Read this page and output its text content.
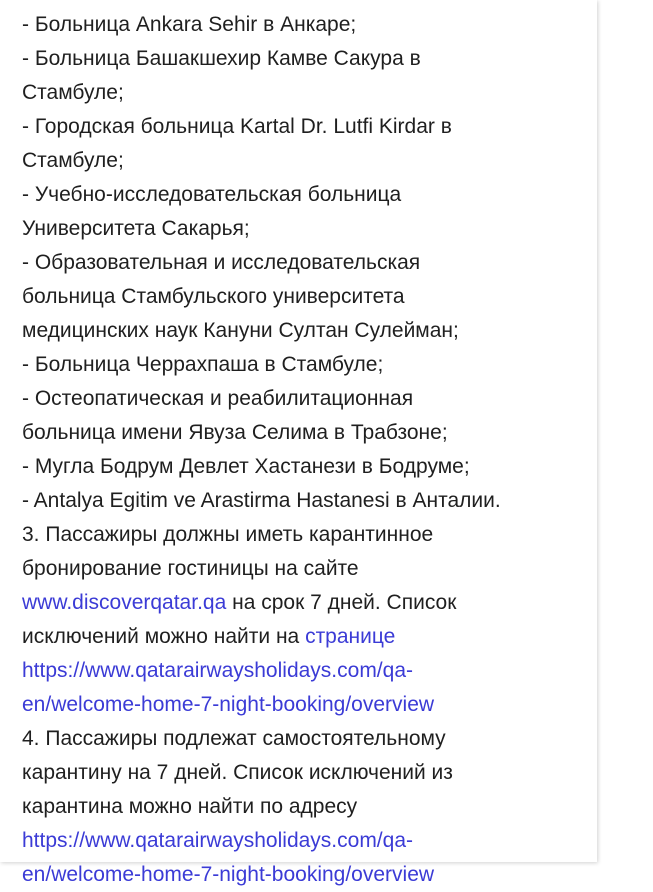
- Больница Ankara Sehir в Анкаре;
- Больница Башакшехир Камве Сакура в
Стамбуле;
- Городская больница Kartal Dr. Lutfi Kirdar в
Стамбуле;
- Учебно-исследовательская больница
Университета Сакарья;
- Образовательная и исследовательская
больница Стамбульского университета
медицинских наук Кануни Султан Сулейман;
- Больница Черрахпаша в Стамбуле;
- Остеопатическая и реабилитационная
больница имени Явуза Селима в Трабзоне;
- Мугла Бодрум Девлет Хастанези в Бодруме;
- Antalya Egitim ve Arastirma Hastanesi в Анталии.
3. Пассажиры должны иметь карантинное
бронирование гостиницы на сайте
www.discoverqatar.qa на срок 7 дней. Список
исключений можно найти на странице
https://www.qatarairwaysholidays.com/qa-
en/welcome-home-7-night-booking/overview
4. Пассажиры подлежат самостоятельному
карантину на 7 дней. Список исключений из
карантина можно найти по адресу
https://www.qatarairwaysholidays.com/qa-
en/welcome-home-7-night-booking/overview
